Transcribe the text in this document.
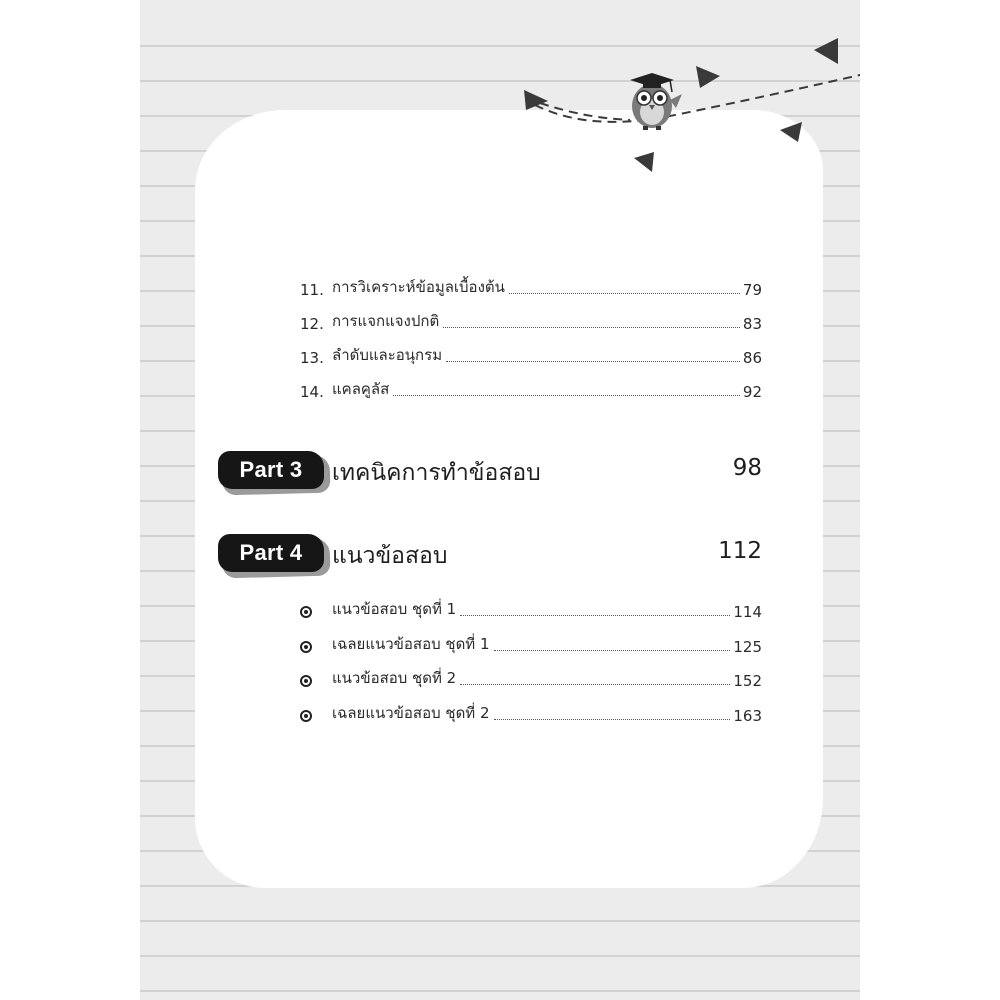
11. การวิเคราะห์ข้อมูลเบื้องต้น	79
12. การแจกแจงปกติ	83
13. ลำดับและอนุกรม	86
14. แคลคูลัส	92
Part 3	เทคนิคการทำข้อสอบ	98
Part 4	แนวข้อสอบ	112
แนวข้อสอบ ชุดที่ 1	114
เฉลยแนวข้อสอบ ชุดที่ 1	125
แนวข้อสอบ ชุดที่ 2	152
เฉลยแนวข้อสอบ ชุดที่ 2	163
